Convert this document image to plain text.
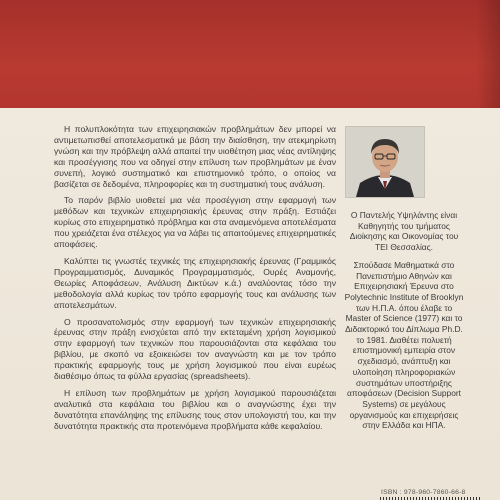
Η πολυπλοκότητα των επιχειρησιακών προβλημάτων δεν μπορεί να αντιμετωπισθεί αποτελεσματικά με βάση την διαίσθηση, την ατεκμηρίωτη γνώση και την πρόβλεψη αλλά απαιτεί την υιοθέτηση μιας νέας αντίληψης και προσέγγισης που να οδηγεί στην επίλυση των προβλημάτων με έναν συνεπή, λογικό συστηματικό και επιστημονικό τρόπο, ο οποίος να βασίζεται σε δεδομένα, πληροφορίες και τη συστηματική τους ανάλυση.

Το παρόν βιβλίο υιοθετεί μια νέα προσέγγιση στην εφαρμογή των μεθόδων και τεχνικών επιχειρησιακής έρευνας στην πράξη. Εστιάζει κυρίως στο επιχειρηματικό πρόβλημα και στα αναμενόμενα αποτελέσματα που χρειάζεται ένα στέλεχος για να λάβει τις απαιτούμενες επιχειρηματικές αποφάσεις.

Καλύπτει τις γνωστές τεχνικές της επιχειρησιακής έρευνας (Γραμμικός Προγραμματισμός, Δυναμικός Προγραμματισμός, Ουρές Αναμονής, Θεωρίες Αποφάσεων, Ανάλυση Δικτύων κ.ά.) αναλύοντας τόσο την μεθοδολογία αλλά κυρίως τον τρόπο εφαρμογής τους και ανάλυσης των αποτελεσμάτων.

Ο προσανατολισμός στην εφαρμογή των τεχνικών επιχειρησιακής έρευνας στην πράξη ενισχύεται από την εκτεταμένη χρήση λογισμικού στην εφαρμογή των τεχνικών που παρουσιάζονται στα κεφάλαια του βιβλίου, με σκοπό να εξοικειώσει τον αναγνώστη και με τον τρόπο πρακτικής εφαρμογής τους με χρήση λογισμικού που είναι ευρέως διαθέσιμο όπως τα φύλλα εργασίας (spreadsheets).

Η επίλυση των προβλημάτων με χρήση λογισμικού παρουσιάζεται αναλυτικά στα κεφάλαια του βιβλίου και ο αναγνώστης έχει την δυνατότητα επανάληψης της επίλυσης τους στον υπολογιστή του, και την δυνατότητα πρακτικής στα προτεινόμενα προβλήματα κάθε κεφαλαίου.

Ο Παντελής Υψηλάντης είναι Καθηγητής του τμήματος Διοίκησης και Οικονομίας του ΤΕΙ Θεσσαλίας.

Σπούδασε Μαθηματικά στο Πανεπιστήμιο Αθηνών και Επιχειρησιακή Έρευνα στο Polytechnic Institute of Brooklyn των Η.Π.Α. όπου έλαβε το Master of Science (1977) και το Διδακτορικό του Δίπλωμα Ph.D. το 1981. Διαθέτει πολυετή επιστημονική εμπειρία στον σχεδιασμό, ανάπτυξη και υλοποίηση πληροφοριακών συστημάτων υποστήριξης αποφάσεων (Decision Support Systems) σε μεγάλους οργανισμούς και επιχειρήσεις στην Ελλάδα και ΗΠΑ.

ISBN : 978-960-7860-66-8
